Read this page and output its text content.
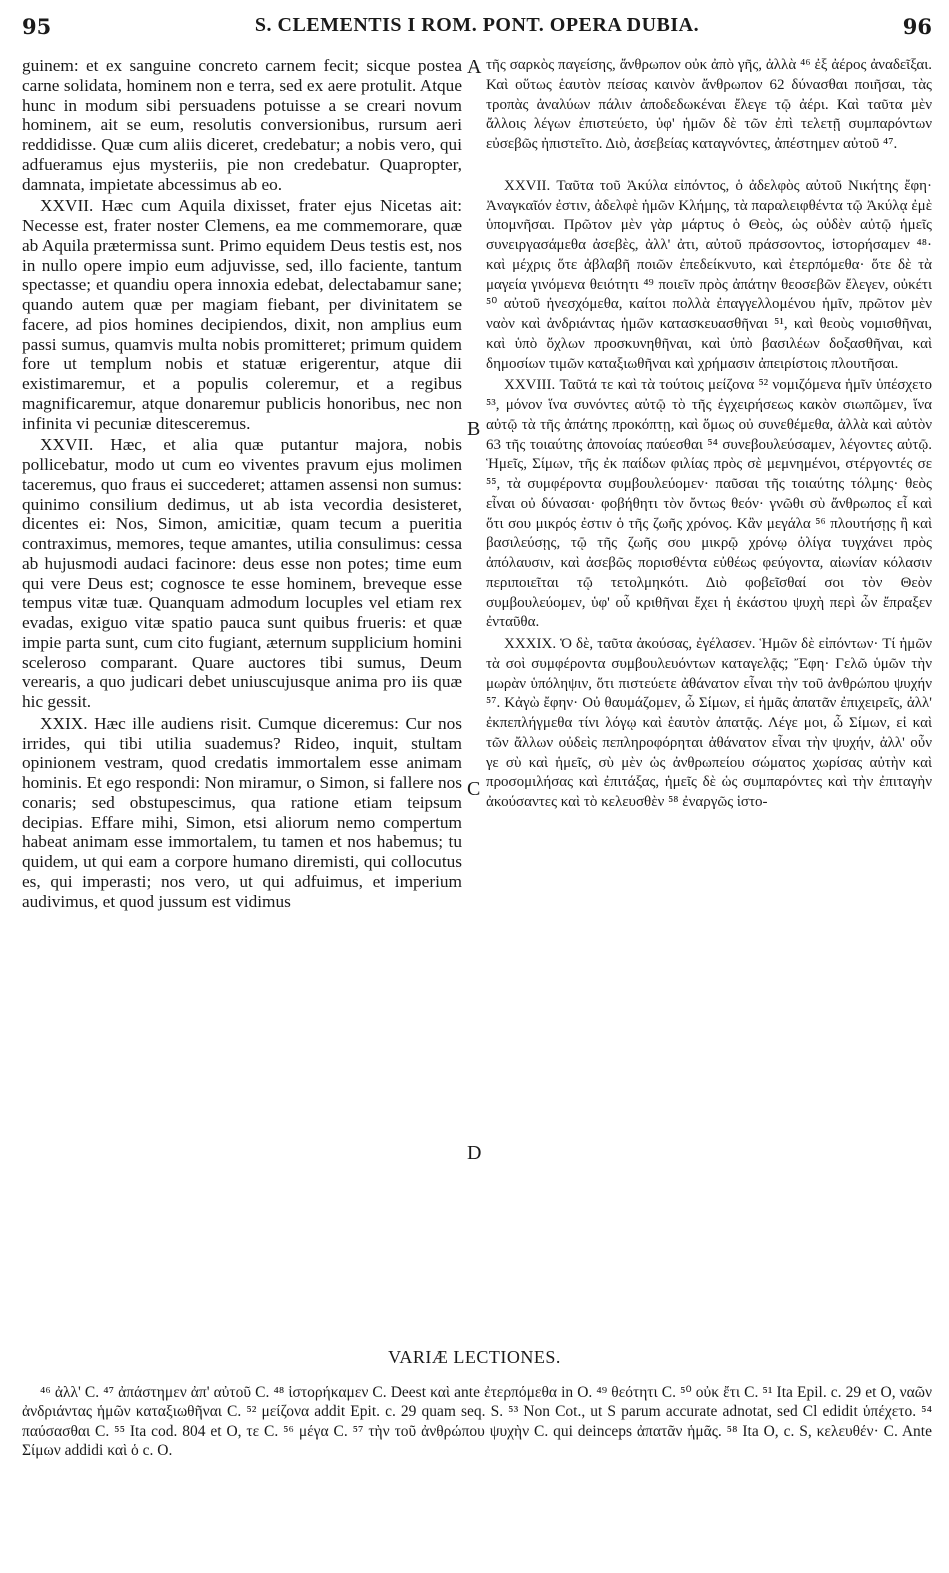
95	S. CLEMENTIS I ROM. PONT. OPERA DUBIA.	96

guinem: et ex sanguine concreto carnem fecit; sicque postea carne solidata, hominem non e terra, sed ex aere protulit. Atque hunc in modum sibi persuadens potuisse a se creari novum hominem, ait se eum, resolutis conversionibus, rursum aeri reddidisse. Quæ cum aliis diceret, credebatur; a nobis vero, qui adfueramus ejus mysteriis, pie non credebatur. Quapropter, damnata, impietate abcessimus ab eo.

XXVII. Hæc cum Aquila dixisset, frater ejus Nicetas ait: Necesse est, frater noster Clemens, ea me commemorare, quæ ab Aquila prætermissa sunt. Primo equidem Deus testis est, nos in nullo opere impio eum adjuvisse, sed, illo faciente, tantum spectasse; et quandiu opera innoxia edebat, delectabamur sane; quando autem quæ per magiam fiebant, per divinitatem se facere, ad pios homines decipiendos, dixit, non amplius eum passi sumus, quamvis multa nobis promitteret; primum quidem fore ut templum nobis et statuæ erigerentur, atque dii existimaremur, et a populis coleremur, et a regibus magnificaremur, atque donaremur publicis honoribus, nec non infinita vi pecuniæ ditesceremus.

XXVII. Hæc, et alia quæ putantur majora, nobis pollicebatur, modo ut cum eo viventes pravum ejus molimen taceremus, quo fraus ei succederet; attamen assensi non sumus: quinimo consilium dedimus, ut ab ista vecordia desisteret, dicentes ei: Nos, Simon, amicitiæ, quam tecum a pueritia contraximus, memores, teque amantes, utilia consulimus: cessa ab hujusmodi audaci facinore: deus esse non potes; time eum qui vere Deus est; cognosce te esse hominem, breveque esse tempus vitæ tuæ. Quanquam admodum locuples vel etiam rex evadas, exiguo vitæ spatio pauca sunt quibus frueris: et quæ impie parta sunt, cum cito fugiant, æternum supplicium homini sceleroso comparant. Quare auctores tibi sumus, Deum verearis, a quo judicari debet uniuscujusque anima pro iis quæ hic gessit.

XXIX. Hæc ille audiens risit. Cumque diceremus: Cur nos irrides, qui tibi utilia suademus? Rideo, inquit, stultam opinionem vestram, quod credatis immortalem esse animam hominis. Et ego respondi: Non miramur, o Simon, si fallere nos conaris; sed obstupescimus, qua ratione etiam teipsum decipias. Effare mihi, Simon, etsi aliorum nemo compertum habeat animam esse immortalem, tu tamen et nos habemus; tu quidem, ut qui eam a corpore humano diremisti, qui collocutus es, qui imperasti; nos vero, ut qui adfuimus, et imperium audivimus, et quod jussum est vidimus

A
B
C
D

τῆς σαρκὸς παγείσης, ἄνθρωπον οὐκ ἀπὸ γῆς, ἀλλὰ ⁴⁶ ἐξ ἀέρος ἀναδεῖξαι. Καὶ οὕτως ἑαυτὸν πείσας καινὸν ἄνθρωπον 62 δύνασθαι ποιῆσαι, τὰς τροπὰς ἀναλύων πάλιν ἀποδεδωκέναι ἔλεγε τῷ ἀέρι. Καὶ ταῦτα μὲν ἄλλοις λέγων ἐπιστεύετο, ὑφ' ἡμῶν δὲ τῶν ἐπὶ τελετῇ συμπαρόντων εὐσεβῶς ἠπιστεῖτο. Διὸ, ἀσεβείας καταγνόντες, ἀπέστημεν αὐτοῦ ⁴⁷.

XXVII. Ταῦτα τοῦ Ἀκύλα εἰπόντος, ὁ ἀδελφὸς αὐτοῦ Νικήτης ἔφη· Ἀναγκαῖόν ἐστιν, ἀδελφὲ ἡμῶν Κλήμης, τὰ παραλειφθέντα τῷ Ἀκύλᾳ ἐμὲ ὑπομνῆσαι. Πρῶτον μὲν γὰρ μάρτυς ὁ Θεὸς, ὡς οὐδὲν αὐτῷ ἡμεῖς συνειργασάμεθα ἀσεβὲς, ἀλλ' ἀτι, αὐτοῦ πράσσοντος, ἱστορήσαμεν ⁴⁸· καὶ μέχρις ὅτε ἀβλαβῆ ποιῶν ἐπεδείκνυτο, καὶ ἐτερπόμεθα· ὅτε δὲ τὰ μαγεία γινόμενα θειότητι ⁴⁹ ποιεῖν πρὸς ἀπάτην θεοσεβῶν ἔλεγεν, οὐκέτι ⁵⁰ αὐτοῦ ἠνεσχόμεθα, καίτοι πολλὰ ἐπαγγελλομένου ἡμῖν, πρῶτον μὲν ναὸν καὶ ἀνδριάντας ἡμῶν κατασκευασθῆναι ⁵¹, καὶ θεοὺς νομισθῆναι, καὶ ὑπὸ ὄχλων προσκυνηθῆναι, καὶ ὑπὸ βασιλέων δοξασθῆναι, καὶ δημοσίων τιμῶν καταξιωθῆναι καὶ χρήμασιν ἀπειρίστοις πλουτῆσαι.

XXVIII. Ταῦτά τε καὶ τὰ τούτοις μείζονα ⁵² νομιζόμενα ἡμῖν ὑπέσχετο ⁵³, μόνον ἵνα συνόντες αὐτῷ τὸ τῆς ἐγχειρήσεως κακὸν σιωπῶμεν, ἵνα αὐτῷ τὰ τῆς ἀπάτης προκόπτῃ, καὶ ὅμως οὐ συνεθέμεθα, ἀλλὰ καὶ αὐτὸν 63 τῆς τοιαύτης ἀπονοίας παύεσθαι ⁵⁴ συνεβουλεύσαμεν, λέγοντες αὐτῷ. Ἡμεῖς, Σίμων, τῆς ἐκ παίδων φιλίας πρὸς σὲ μεμνημένοι, στέργοντές σε ⁵⁵, τὰ συμφέροντα συμβουλεύομεν· παῦσαι τῆς τοιαύτης τόλμης· θεὸς εἶναι οὐ δύνασαι· φοβήθητι τὸν ὄντως θεόν· γνῶθι σὺ ἄνθρωπος εἶ καὶ ὅτι σου μικρός ἐστιν ὁ τῆς ζωῆς χρόνος. Κἂν μεγάλα ⁵⁶ πλουτήσῃς ἢ καὶ βασιλεύσῃς, τῷ τῆς ζωῆς σου μικρῷ χρόνῳ ὀλίγα τυγχάνει πρὸς ἀπόλαυσιν, καὶ ἀσεβῶς πορισθέντα εὐθέως φεύγοντα, αἰωνίαν κόλασιν περιποιεῖται τῷ τετολμηκότι. Διὸ φοβεῖσθαί σοι τὸν Θεὸν συμβουλεύομεν, ὑφ' οὗ κριθῆναι ἔχει ἡ ἑκάστου ψυχὴ περὶ ὧν ἔπραξεν ἐνταῦθα.

XXXIX. Ὁ δὲ, ταῦτα ἀκούσας, ἐγέλασεν. Ἡμῶν δὲ εἰπόντων· Τί ἡμῶν τὰ σοὶ συμφέροντα συμβουλευόντων καταγελᾷς; Ἔφη· Γελῶ ὑμῶν τὴν μωρὰν ὑπόληψιν, ὅτι πιστεύετε ἀθάνατον εἶναι τὴν τοῦ ἀνθρώπου ψυχήν ⁵⁷. Κἀγὼ ἔφην· Οὐ θαυμάζομεν, ὦ Σίμων, εἰ ἡμᾶς ἀπατᾶν ἐπιχειρεῖς, ἀλλ' ἐκπεπλήγμεθα τίνι λόγῳ καὶ ἑαυτὸν ἀπατᾷς. Λέγε μοι, ὦ Σίμων, εἰ καὶ τῶν ἄλλων οὐδεὶς πεπληροφόρηται ἀθάνατον εἶναι τὴν ψυχήν, ἀλλ' οὖν γε σὺ καὶ ἡμεῖς, σὺ μὲν ὡς ἀνθρωπείου σώματος χωρίσας αὐτὴν καὶ προσομιλήσας καὶ ἐπιτάξας, ἡμεῖς δὲ ὡς συμπαρόντες καὶ τὴν ἐπιταγὴν ἀκούσαντες καὶ τὸ κελευσθὲν ⁵⁸ ἐναργῶς ἱστο-

VARIÆ LECTIONES.

⁴⁶ ἀλλ' C. ⁴⁷ ἀπάστημεν ἀπ' αὐτοῦ C. ⁴⁸ ἱστορήκαμεν C. Deest καὶ ante ἐτερπόμεθα in O. ⁴⁹ θεότητι C. ⁵⁰ οὐκ ἔτι C. ⁵¹ Ita Epil. c. 29 et O, ναῶν ἀνδριάντας ἡμῶν καταξιωθῆναι C. ⁵² μείζονα addit Epit. c. 29 quam seq. S. ⁵³ Non Cot., ut S parum accurate adnotat, sed Cl edidit ὑπέχετο. ⁵⁴ παύσασθαι C. ⁵⁵ Ita cod. 804 et O, τε C. ⁵⁶ μέγα C. ⁵⁷ τὴν τοῦ ἀνθρώπου ψυχὴν C. qui deinceps ἀπατᾶν ἡμᾶς. ⁵⁸ Ita O, c. S, κελευθέν· C. Ante Σίμων addidi καὶ ὁ c. O.
